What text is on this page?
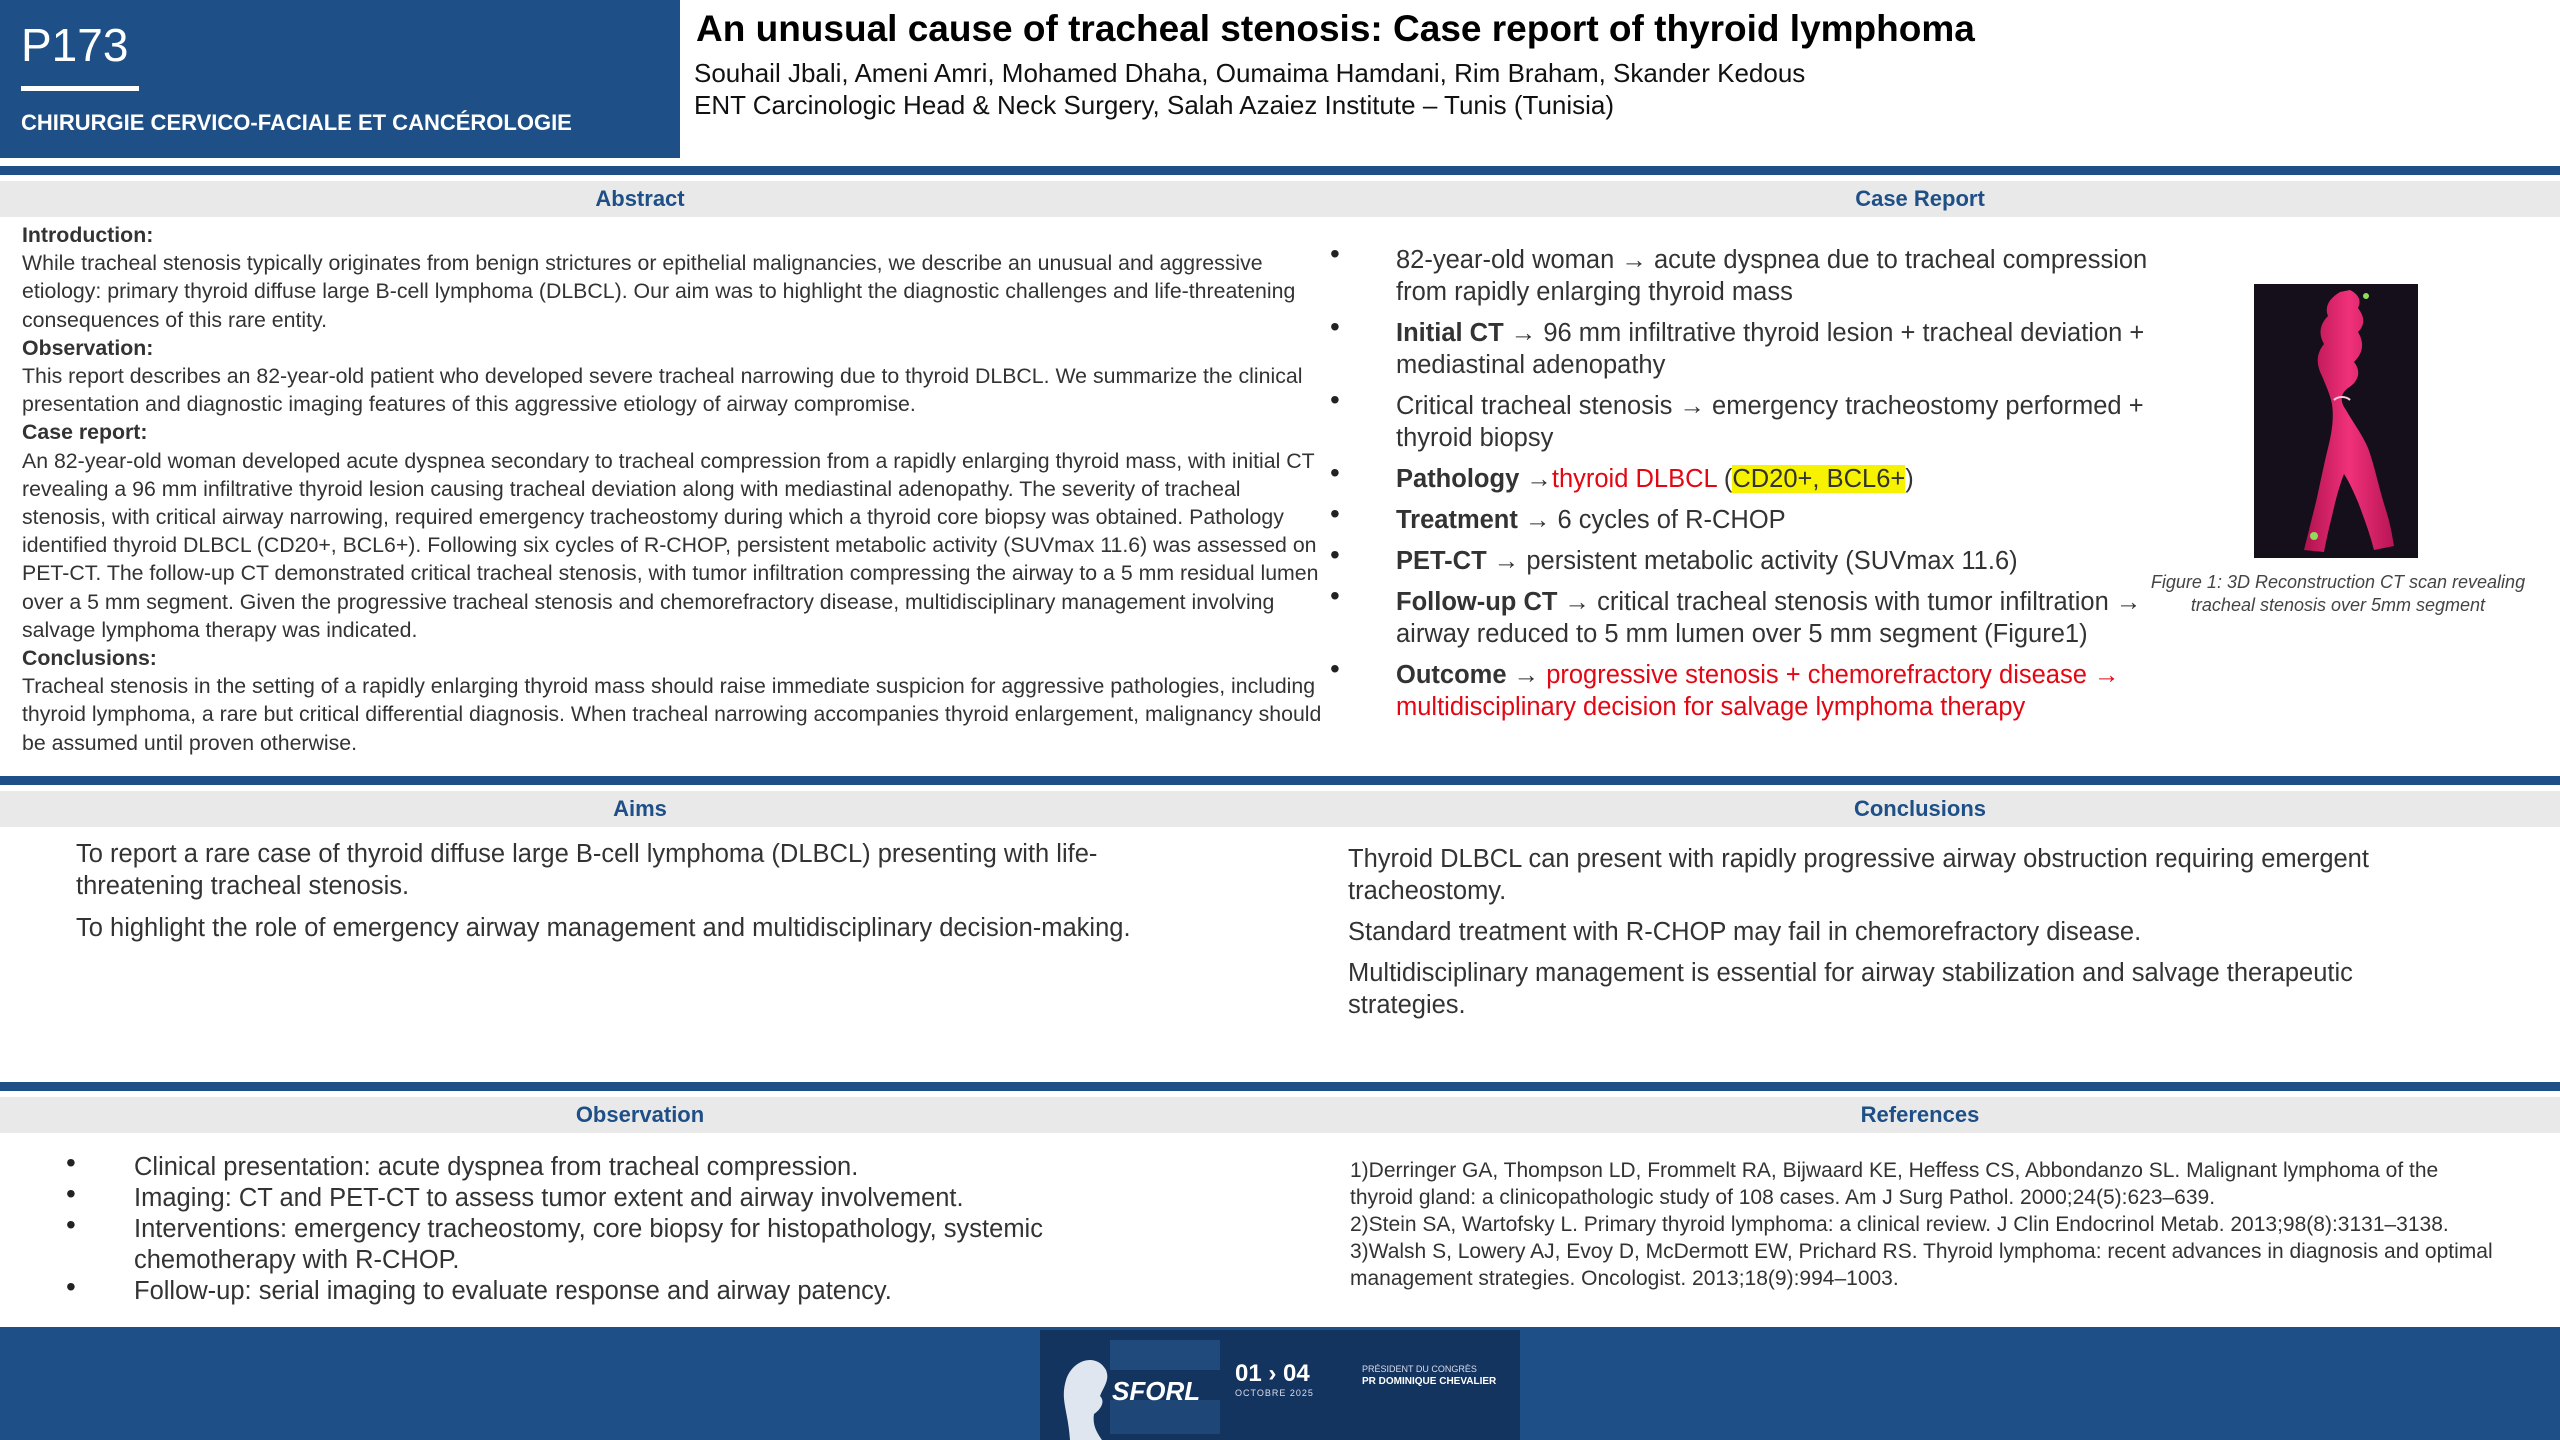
P173
CHIRURGIE CERVICO-FACIALE ET CANCÉROLOGIE
An unusual cause of tracheal stenosis: Case report of thyroid lymphoma
Souhail Jbali, Ameni Amri, Mohamed Dhaha, Oumaima Hamdani, Rim Braham, Skander Kedous
ENT Carcinologic Head & Neck Surgery, Salah Azaiez Institute – Tunis (Tunisia)
Abstract	Case Report
Introduction:
While tracheal stenosis typically originates from benign strictures or epithelial malignancies, we describe an unusual and aggressive etiology: primary thyroid diffuse large B-cell lymphoma (DLBCL). Our aim was to highlight the diagnostic challenges and life-threatening consequences of this rare entity.
Observation:
This report describes an 82-year-old patient who developed severe tracheal narrowing due to thyroid DLBCL. We summarize the clinical presentation and diagnostic imaging features of this aggressive etiology of airway compromise.
Case report:
An 82-year-old woman developed acute dyspnea secondary to tracheal compression from a rapidly enlarging thyroid mass, with initial CT revealing a 96 mm infiltrative thyroid lesion causing tracheal deviation along with mediastinal adenopathy. The severity of tracheal stenosis, with critical airway narrowing, required emergency tracheostomy during which a thyroid core biopsy was obtained. Pathology identified thyroid DLBCL (CD20+, BCL6+). Following six cycles of R-CHOP, persistent metabolic activity (SUVmax 11.6) was assessed on PET-CT. The follow-up CT demonstrated critical tracheal stenosis, with tumor infiltration compressing the airway to a 5 mm residual lumen over a 5 mm segment. Given the progressive tracheal stenosis and chemorefractory disease, multidisciplinary management involving salvage lymphoma therapy was indicated.
Conclusions:
Tracheal stenosis in the setting of a rapidly enlarging thyroid mass should raise immediate suspicion for aggressive pathologies, including thyroid lymphoma, a rare but critical differential diagnosis. When tracheal narrowing accompanies thyroid enlargement, malignancy should be assumed until proven otherwise.
• 82-year-old woman → acute dyspnea due to tracheal compression from rapidly enlarging thyroid mass
• Initial CT → 96 mm infiltrative thyroid lesion + tracheal deviation + mediastinal adenopathy
• Critical tracheal stenosis → emergency tracheostomy performed + thyroid biopsy
• Pathology →thyroid DLBCL (CD20+, BCL6+)
• Treatment → 6 cycles of R-CHOP
• PET-CT → persistent metabolic activity (SUVmax 11.6)
• Follow-up CT → critical tracheal stenosis with tumor infiltration → airway reduced to 5 mm lumen over 5 mm segment (Figure1)
• Outcome → progressive stenosis + chemorefractory disease → multidisciplinary decision for salvage lymphoma therapy
Figure 1: 3D Reconstruction CT scan revealing tracheal stenosis over 5mm segment
Aims	Conclusions

To report a rare case of thyroid diffuse large B-cell lymphoma (DLBCL) presenting with life-threatening tracheal stenosis.

To highlight the role of emergency airway management and multidisciplinary decision-making.

Thyroid DLBCL can present with rapidly progressive airway obstruction requiring emergent tracheostomy.

Standard treatment with R-CHOP may fail in chemorefractory disease.

Multidisciplinary management is essential for airway stabilization and salvage therapeutic strategies.

Observation	References
• Clinical presentation: acute dyspnea from tracheal compression.
• Imaging: CT and PET-CT to assess tumor extent and airway involvement.
• Interventions: emergency tracheostomy, core biopsy for histopathology, systemic chemotherapy with R-CHOP.
• Follow-up: serial imaging to evaluate response and airway patency.
1)Derringer GA, Thompson LD, Frommelt RA, Bijwaard KE, Heffess CS, Abbondanzo SL. Malignant lymphoma of the thyroid gland: a clinicopathologic study of 108 cases. Am J Surg Pathol. 2000;24(5):623–639.
2)Stein SA, Wartofsky L. Primary thyroid lymphoma: a clinical review. J Clin Endocrinol Metab. 2013;98(8):3131–3138.
3)Walsh S, Lowery AJ, Evoy D, McDermott EW, Prichard RS. Thyroid lymphoma: recent advances in diagnosis and optimal management strategies. Oncologist. 2013;18(9):994–1003.
SFORL
01 › 04
OCTOBRE 2025
PRÉSIDENT DU CONGRÈS
PR DOMINIQUE CHEVALIER
